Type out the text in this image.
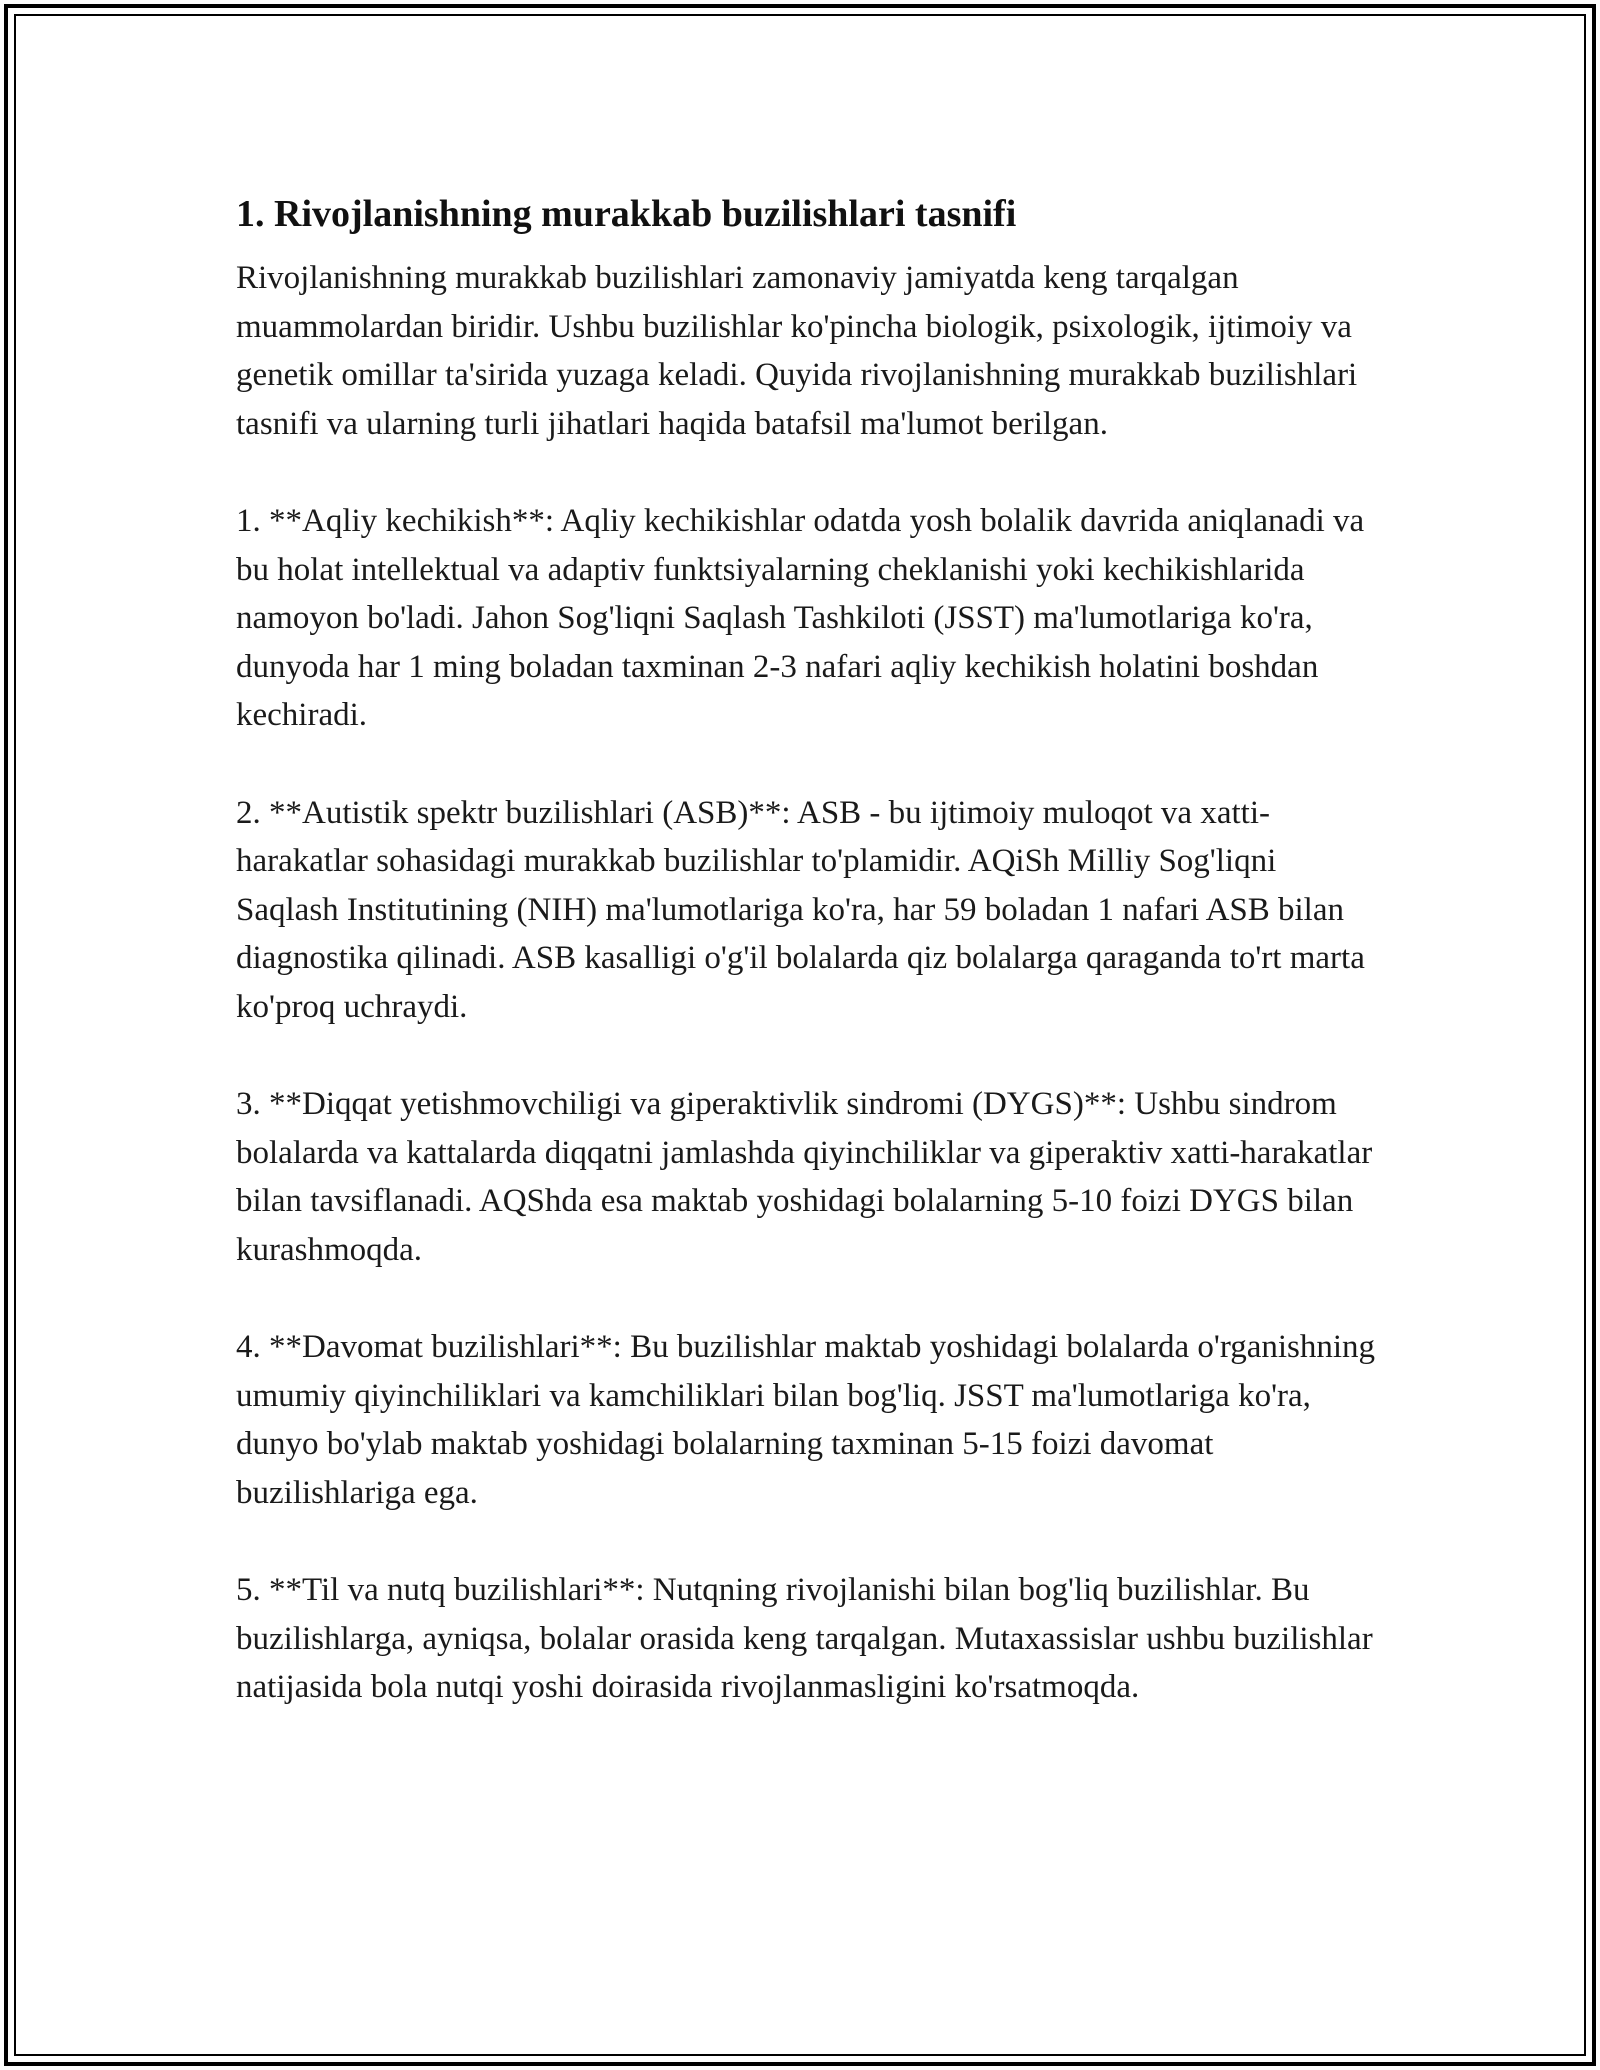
1. Rivojlanishning murakkab buzilishlari tasnifi

Rivojlanishning murakkab buzilishlari zamonaviy jamiyatda keng tarqalgan muammolardan biridir. Ushbu buzilishlar ko'pincha biologik, psixologik, ijtimoiy va genetik omillar ta'sirida yuzaga keladi. Quyida rivojlanishning murakkab buzilishlari tasnifi va ularning turli jihatlari haqida batafsil ma'lumot berilgan.

1. **Aqliy kechikish**: Aqliy kechikishlar odatda yosh bolalik davrida aniqlanadi va bu holat intellektual va adaptiv funktsiyalarning cheklanishi yoki kechikishlarida namoyon bo'ladi. Jahon Sog'liqni Saqlash Tashkiloti (JSST) ma'lumotlariga ko'ra, dunyoda har 1 ming boladan taxminan 2-3 nafari aqliy kechikish holatini boshdan kechiradi.

2. **Autistik spektr buzilishlari (ASB)**: ASB - bu ijtimoiy muloqot va xatti-harakatlar sohasidagi murakkab buzilishlar to'plamidir. AQiSh Milliy Sog'liqni Saqlash Institutining (NIH) ma'lumotlariga ko'ra, har 59 boladan 1 nafari ASB bilan diagnostika qilinadi. ASB kasalligi o'g'il bolalarda qiz bolalarga qaraganda to'rt marta ko'proq uchraydi.

3. **Diqqat yetishmovchiligi va giperaktivlik sindromi (DYGS)**: Ushbu sindrom bolalarda va kattalarda diqqatni jamlashda qiyinchiliklar va giperaktiv xatti-harakatlar bilan tavsiflanadi. AQShda esa maktab yoshidagi bolalarning 5-10 foizi DYGS bilan kurashmoqda.

4. **Davomat buzilishlari**: Bu buzilishlar maktab yoshidagi bolalarda o'rganishning umumiy qiyinchiliklari va kamchiliklari bilan bog'liq. JSST ma'lumotlariga ko'ra, dunyo bo'ylab maktab yoshidagi bolalarning taxminan 5-15 foizi davomat buzilishlariga ega.

5. **Til va nutq buzilishlari**: Nutqning rivojlanishi bilan bog'liq buzilishlar. Bu buzilishlarga, ayniqsa, bolalar orasida keng tarqalgan. Mutaxassislar ushbu buzilishlar natijasida bola nutqi yoshi doirasida rivojlanmasligini ko'rsatmoqda.
